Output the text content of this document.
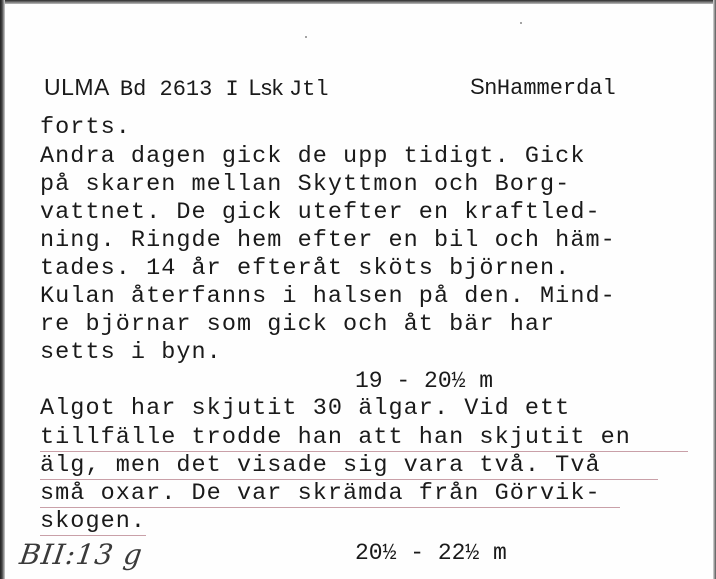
ULMA Bd 2613 I Lsk Jtl	SnHammerdal
forts.
Andra dagen gick de upp tidigt. Gick
på skaren mellan Skyttmon och Borg-
vattnet. De gick utefter en kraftled-
ning. Ringde hem efter en bil och häm-
tades. 14 år efteråt sköts björnen.
Kulan återfanns i halsen på den. Mind-
re björnar som gick och åt bär har
setts i byn.
19 - 20½ m
Algot har skjutit 30 älgar. Vid ett
tillfälle trodde han att han skjutit en
älg, men det visade sig vara två. Två
små oxar. De var skrämda från Görvik-
skogen.
20½ - 22½ m
BII:13 g
